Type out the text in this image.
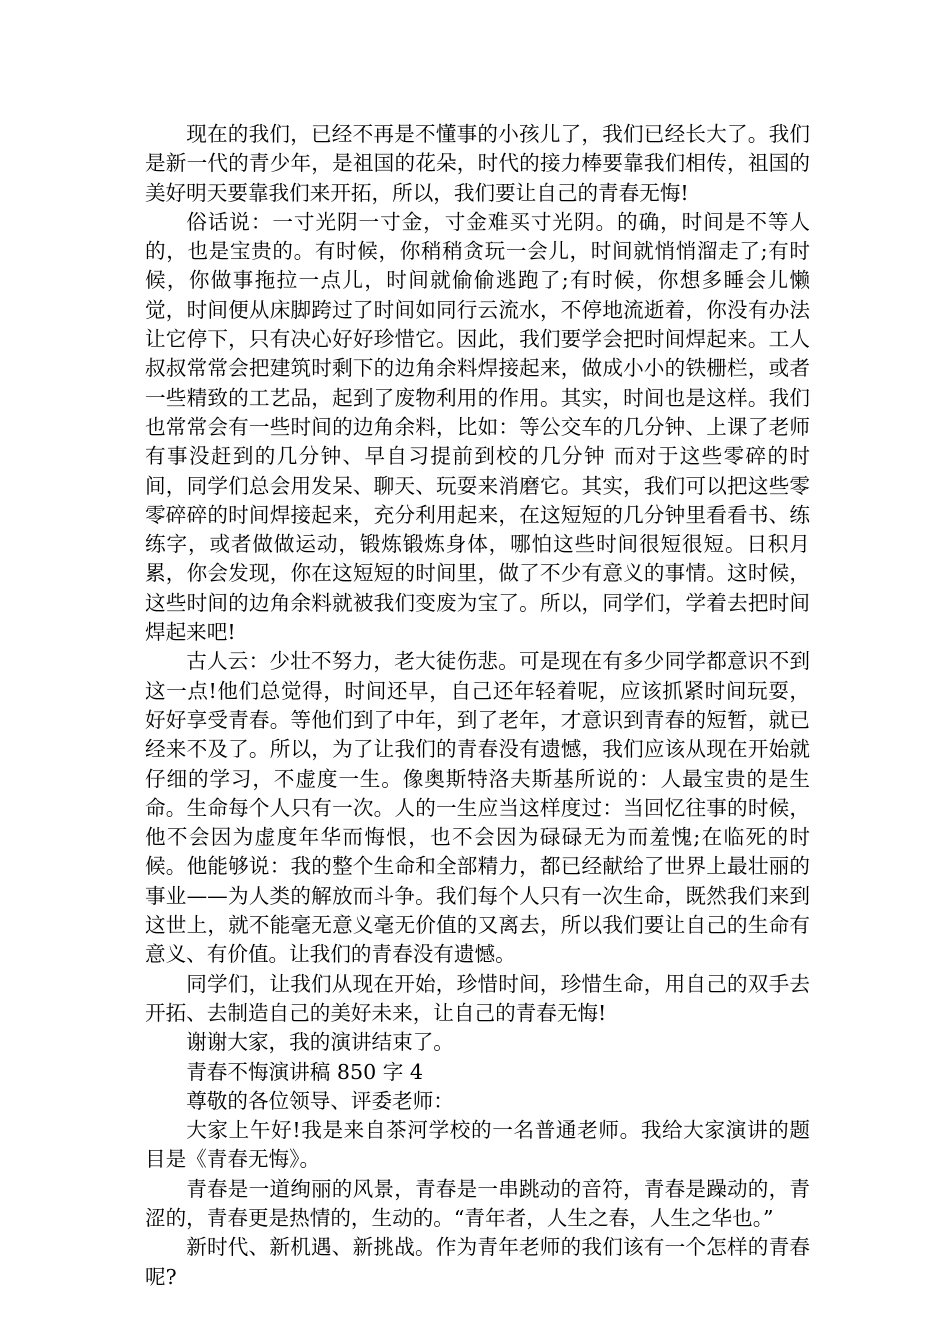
现在的我们，已经不再是不懂事的小孩儿了，我们已经长大了。我们是新一代的青少年，是祖国的花朵，时代的接力棒要靠我们相传，祖国的美好明天要靠我们来开拓，所以，我们要让自己的青春无悔!

俗话说：一寸光阴一寸金，寸金难买寸光阴。的确，时间是不等人的，也是宝贵的。有时候，你稍稍贪玩一会儿，时间就悄悄溜走了;有时候，你做事拖拉一点儿，时间就偷偷逃跑了;有时候，你想多睡会儿懒觉，时间便从床脚跨过了时间如同行云流水，不停地流逝着，你没有办法让它停下，只有决心好好珍惜它。因此，我们要学会把时间焊起来。工人叔叔常常会把建筑时剩下的边角余料焊接起来，做成小小的铁栅栏，或者一些精致的工艺品，起到了废物利用的作用。其实，时间也是这样。我们也常常会有一些时间的边角余料，比如：等公交车的几分钟、上课了老师有事没赶到的几分钟、早自习提前到校的几分钟 而对于这些零碎的时间，同学们总会用发呆、聊天、玩耍来消磨它。其实，我们可以把这些零零碎碎的时间焊接起来，充分利用起来，在这短短的几分钟里看看书、练练字，或者做做运动，锻炼锻炼身体，哪怕这些时间很短很短。日积月累，你会发现，你在这短短的时间里，做了不少有意义的事情。这时候，这些时间的边角余料就被我们变废为宝了。所以，同学们，学着去把时间焊起来吧!

古人云：少壮不努力，老大徒伤悲。可是现在有多少同学都意识不到这一点!他们总觉得，时间还早，自己还年轻着呢，应该抓紧时间玩耍，好好享受青春。等他们到了中年，到了老年，才意识到青春的短暂，就已经来不及了。所以，为了让我们的青春没有遗憾，我们应该从现在开始就仔细的学习，不虚度一生。像奥斯特洛夫斯基所说的：人最宝贵的是生命。生命每个人只有一次。人的一生应当这样度过：当回忆往事的时候，他不会因为虚度年华而悔恨，也不会因为碌碌无为而羞愧;在临死的时候。他能够说：我的整个生命和全部精力，都已经献给了世界上最壮丽的事业——为人类的解放而斗争。我们每个人只有一次生命，既然我们来到这世上，就不能毫无意义毫无价值的又离去，所以我们要让自己的生命有意义、有价值。让我们的青春没有遗憾。

同学们，让我们从现在开始，珍惜时间，珍惜生命，用自己的双手去开拓、去制造自己的美好未来，让自己的青春无悔!

谢谢大家，我的演讲结束了。

青春不悔演讲稿 850 字 4

尊敬的各位领导、评委老师：

大家上午好!我是来自茶河学校的一名普通老师。我给大家演讲的题目是《青春无悔》。

青春是一道绚丽的风景，青春是一串跳动的音符，青春是躁动的，青涩的，青春更是热情的，生动的。“青年者，人生之春，人生之华也。”

新时代、新机遇、新挑战。作为青年老师的我们该有一个怎样的青春呢?
